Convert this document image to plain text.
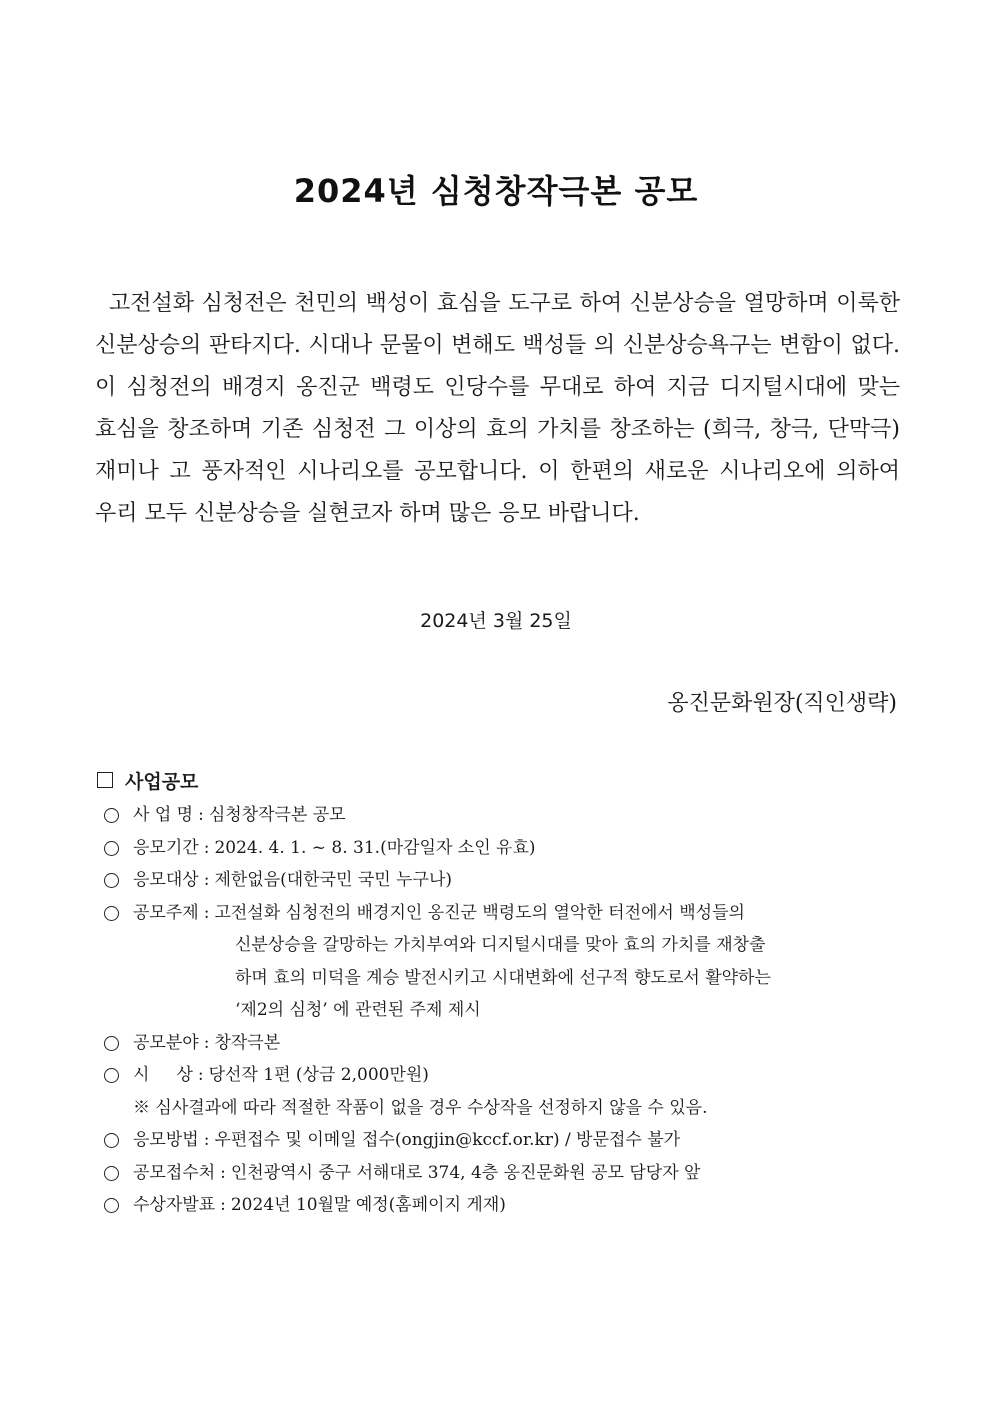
2024년 심청창작극본 공모
고전설화 심청전은 천민의 백성이 효심을 도구로 하여 신분상승을 열망하며 이룩한 신분상승의 판타지다. 시대나 문물이 변해도 백성들 의 신분상승욕구는 변함이 없다. 이 심청전의 배경지 옹진군 백령도 인당수를 무대로 하여 지금 디지털시대에 맞는 효심을 창조하며 기존 심청전 그 이상의 효의 가치를 창조하는 (희극, 창극, 단막극) 재미나 고 풍자적인 시나리오를 공모합니다. 이 한편의 새로운 시나리오에 의하여 우리 모두 신분상승을 실현코자 하며 많은 응모 바랍니다.
2024년 3월 25일
옹진문화원장(직인생략)
사업공모
사 업 명 : 심청창작극본 공모
응모기간 : 2024. 4. 1. ~ 8. 31.(마감일자 소인 유효)
응모대상 : 제한없음(대한국민 국민 누구나)
공모주제 : 고전설화 심청전의 배경지인 옹진군 백령도의 열악한 터전에서 백성들의
신분상승을 갈망하는 가치부여와 디지털시대를 맞아 효의 가치를 재창출
하며 효의 미덕을 계승 발전시키고 시대변화에 선구적 향도로서 활약하는
‘제2의 심청’ 에 관련된 주제 제시
공모분야 : 창작극본
시     상 : 당선작 1편 (상금 2,000만원)
※ 심사결과에 따라 적절한 작품이 없을 경우 수상작을 선정하지 않을 수 있음.
응모방법 : 우편접수 및 이메일 접수(ongjin@kccf.or.kr) / 방문접수 불가
공모접수처 : 인천광역시 중구 서해대로 374, 4층 옹진문화원 공모 담당자 앞
수상자발표 : 2024년 10월말 예정(홈페이지 게재)
